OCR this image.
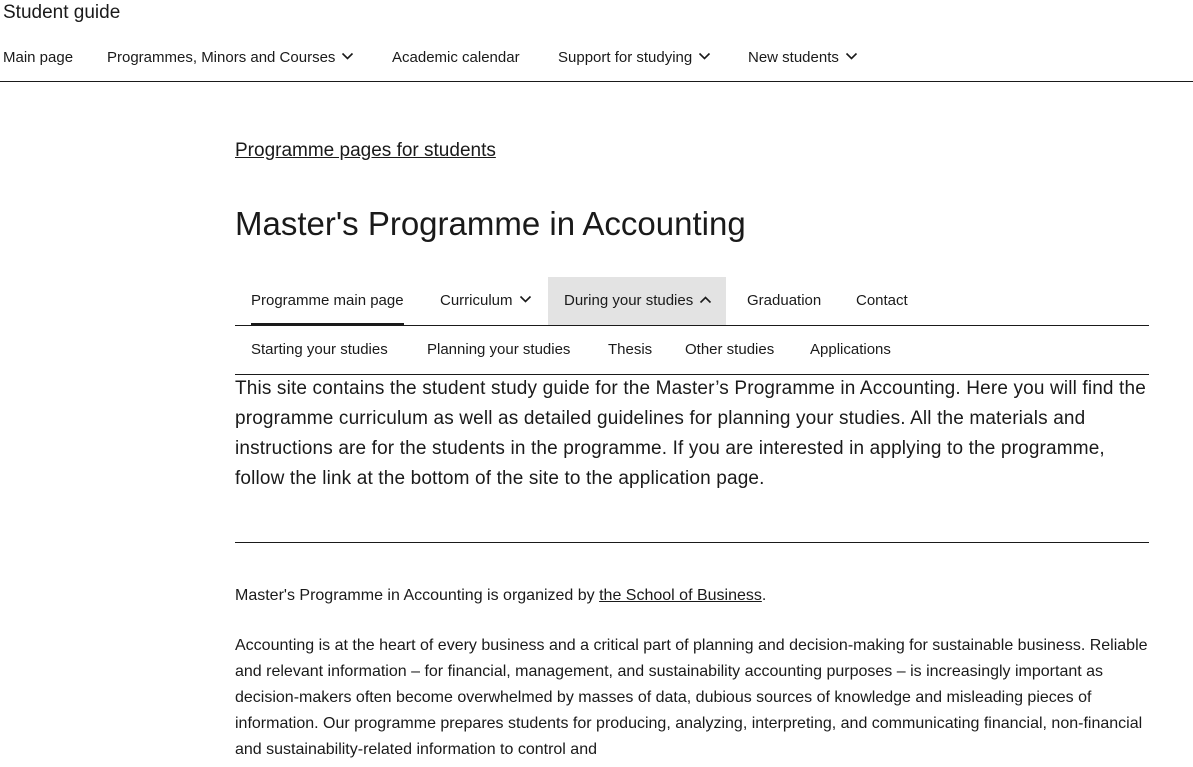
Student guide
Main page Programmes, Minors and Courses	Academic calendar	Support for studying	New students
Programme pages for students
Master's Programme in Accounting
Programme main page Curriculum	During your studies	Graduation Contact
Starting your studies	Planning your studies	Thesis Other studies Applications

This site contains the student study guide for the Master’s Programme in Accounting. Here you will find the programme curriculum as well as detailed guidelines for planning your studies. All the materials and instructions are for the students in the programme. If you are interested in applying to the programme, follow the link at the bottom of the site to the application page.

Master's Programme in Accounting is organized by the School of Business.

Accounting is at the heart of every business and a critical part of planning and decision-making for sustainable business. Reliable and relevant information – for financial, management, and sustainability accounting purposes – is increasingly important as decision-makers often become overwhelmed by masses of data, dubious sources of knowledge and misleading pieces of information. Our programme prepares students for producing, analyzing, interpreting, and communicating financial, non-financial and sustainability-related information to control and
